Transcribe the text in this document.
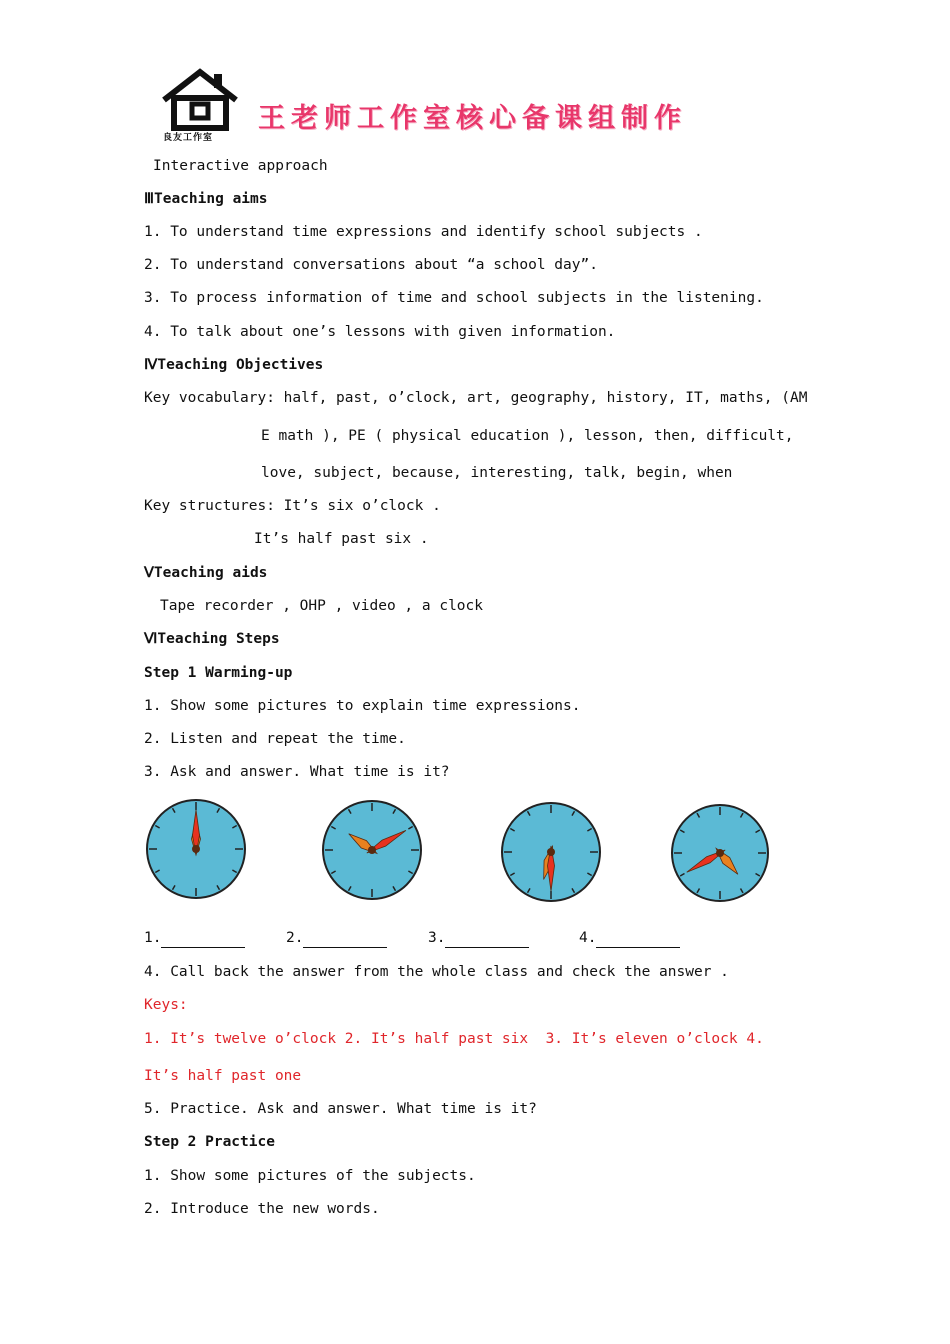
良友工作室
王老师工作室核心备课组制作
Interactive approach
ⅢTeaching aims
1. To understand time expressions and identify school subjects .
2. To understand conversations about “a school day”.
3. To process information of time and school subjects in the listening.
4. To talk about one’s lessons with given information.
ⅣTeaching Objectives
Key vocabulary: half, past, o’clock, art, geography, history, IT, maths, (AM
E math ), PE ( physical education ), lesson, then, difficult,
love, subject, because, interesting, talk, begin, when
Key structures: It’s six o’clock .
It’s half past six .
ⅤTeaching aids
Tape recorder , OHP , video , a clock
ⅥTeaching Steps
Step 1 Warming-up
1. Show some pictures to explain time expressions.
2. Listen and repeat the time.
3. Ask and answer. What time is it?
1.	2.	3.	4.
4. Call back the answer from the whole class and check the answer .
Keys:
1. It’s twelve o’clock 2. It’s half past six  3. It’s eleven o’clock 4.
It’s half past one
5. Practice. Ask and answer. What time is it?
Step 2 Practice
1. Show some pictures of the subjects.
2. Introduce the new words.
